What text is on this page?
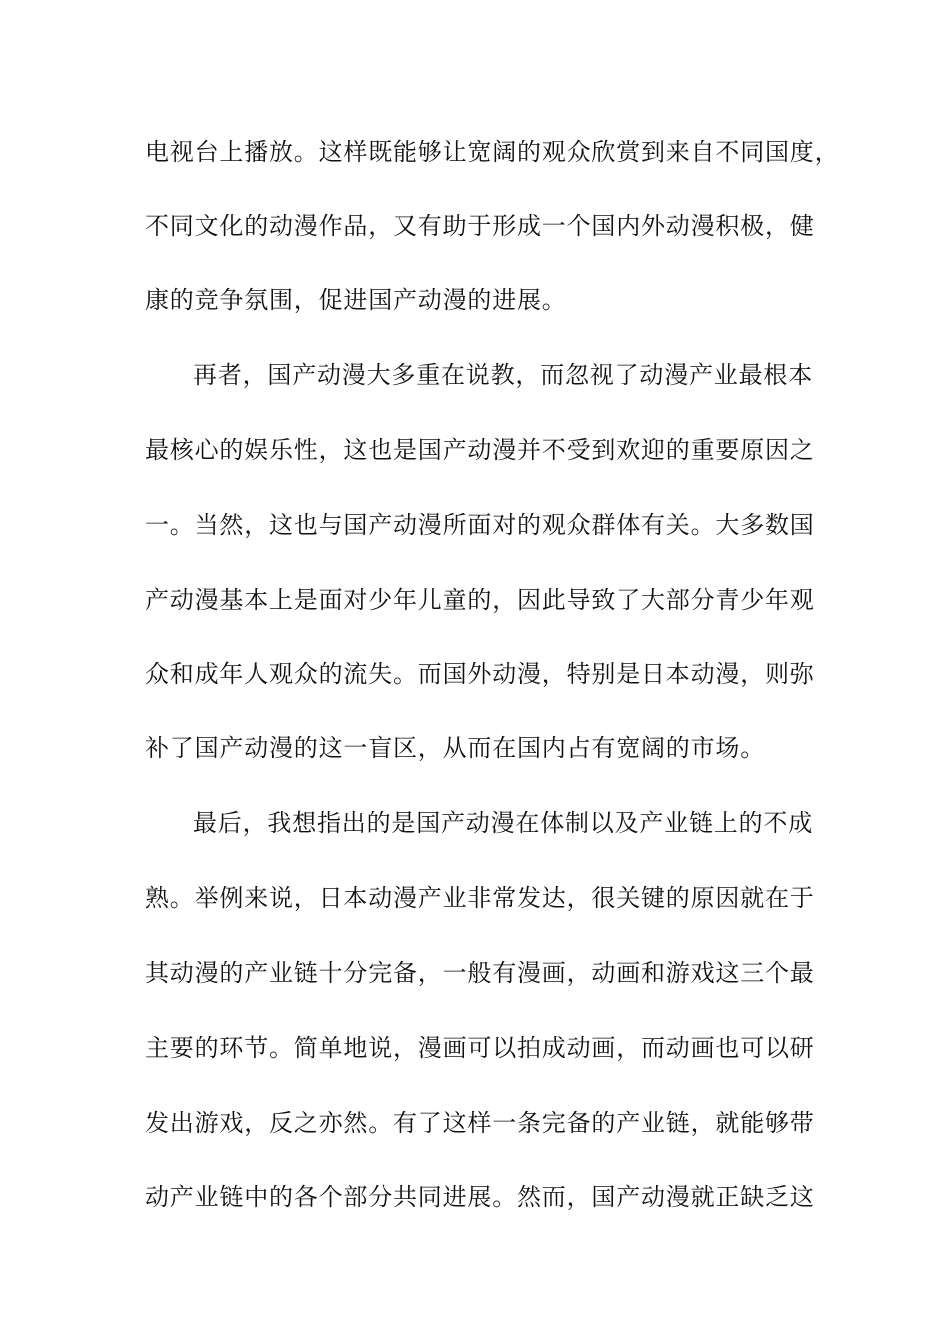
电视台上播放。这样既能够让宽阔的观众欣赏到来自不同国度，
不同文化的动漫作品，又有助于形成一个国内外动漫积极，健
康的竞争氛围，促进国产动漫的进展。
再者，国产动漫大多重在说教，而忽视了动漫产业最根本
最核心的娱乐性，这也是国产动漫并不受到欢迎的重要原因之
一。当然，这也与国产动漫所面对的观众群体有关。大多数国
产动漫基本上是面对少年儿童的，因此导致了大部分青少年观
众和成年人观众的流失。而国外动漫，特别是日本动漫，则弥
补了国产动漫的这一盲区，从而在国内占有宽阔的市场。
最后，我想指出的是国产动漫在体制以及产业链上的不成
熟。举例来说，日本动漫产业非常发达，很关键的原因就在于
其动漫的产业链十分完备，一般有漫画，动画和游戏这三个最
主要的环节。简单地说，漫画可以拍成动画，而动画也可以研
发出游戏，反之亦然。有了这样一条完备的产业链，就能够带
动产业链中的各个部分共同进展。然而，国产动漫就正缺乏这
